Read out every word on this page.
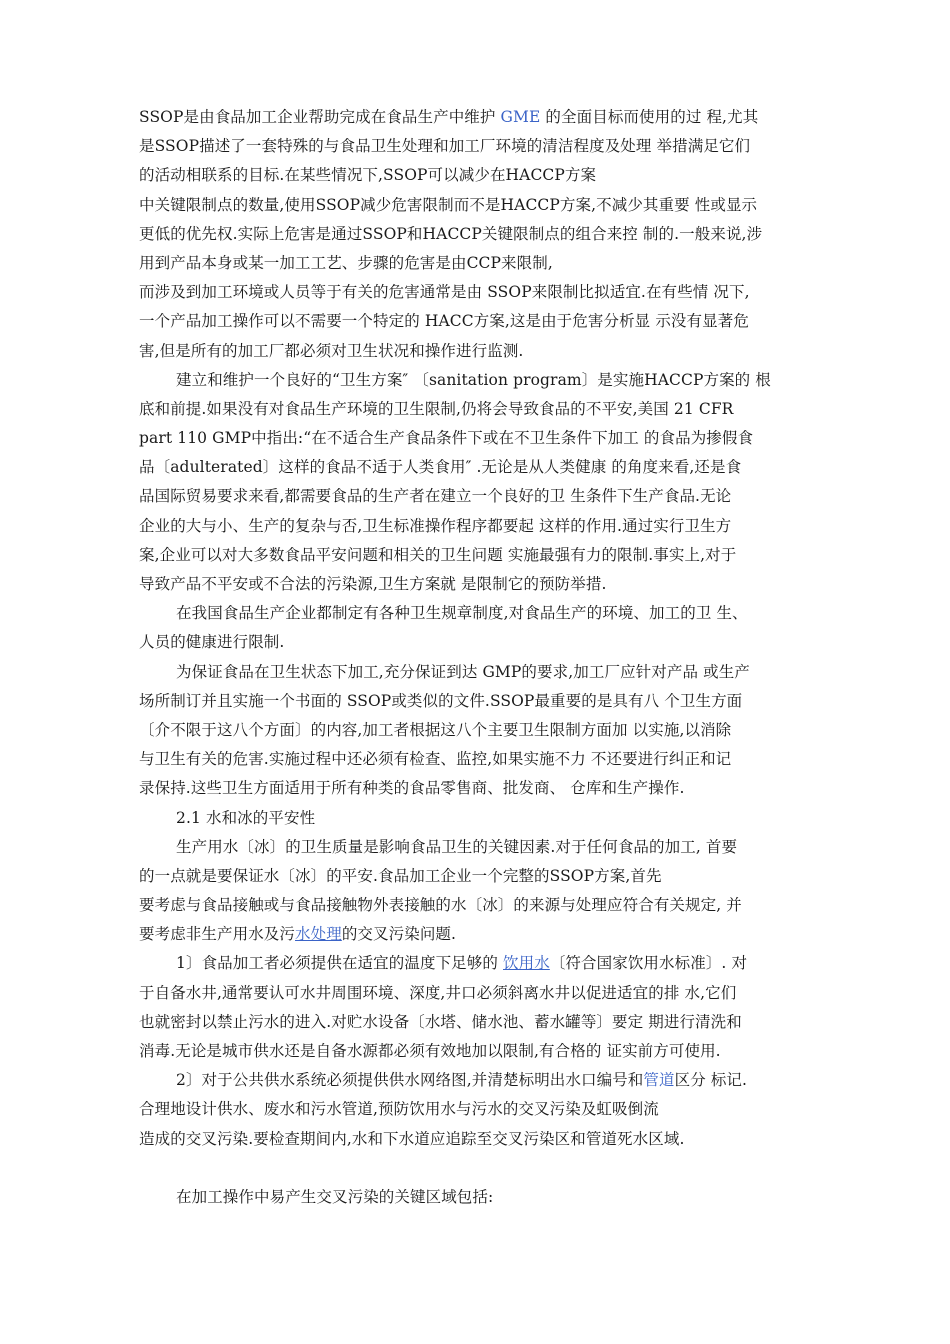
SSOP是由食品加工企业帮助完成在食品生产中维护 GME 的全面目标而使用的过 程,尤其
是SSOP描述了一套特殊的与食品卫生处理和加工厂环境的清洁程度及处理 举措满足它们
的活动相联系的目标.在某些情况下,SSOP可以减少在HACCP方案
中关键限制点的数量,使用SSOP减少危害限制而不是HACCP方案,不减少其重要 性或显示
更低的优先权.实际上危害是通过SSOP和HACCP关键限制点的组合来控 制的.一般来说,涉
用到产品本身或某一加工工艺、步骤的危害是由CCP来限制,
而涉及到加工环境或人员等于有关的危害通常是由 SSOP来限制比拟适宜.在有些情 况下,
一个产品加工操作可以不需要一个特定的 HACC方案,这是由于危害分析显 示没有显著危
害,但是所有的加工厂都必须对卫生状况和操作进行监测.
建立和维护一个良好的“卫生方案″ 〔sanitation program〕是实施HACCP方案的 根
底和前提.如果没有对食品生产环境的卫生限制,仍将会导致食品的不平安,美国 21 CFR
part 110 GMP中指出:“在不适合生产食品条件下或在不卫生条件下加工 的食品为掺假食
品〔adulterated〕这样的食品不适于人类食用″ .无论是从人类健康 的角度来看,还是食
品国际贸易要求来看,都需要食品的生产者在建立一个良好的卫 生条件下生产食品.无论
企业的大与小、生产的复杂与否,卫生标准操作程序都要起 这样的作用.通过实行卫生方
案,企业可以对大多数食品平安问题和相关的卫生问题 实施最强有力的限制.事实上,对于
导致产品不平安或不合法的污染源,卫生方案就 是限制它的预防举措.
在我国食品生产企业都制定有各种卫生规章制度,对食品生产的环境、加工的卫 生、
人员的健康进行限制.
为保证食品在卫生状态下加工,充分保证到达 GMP的要求,加工厂应针对产品 或生产
场所制订并且实施一个书面的 SSOP或类似的文件.SSOP最重要的是具有八 个卫生方面
〔介不限于这八个方面〕的内容,加工者根据这八个主要卫生限制方面加 以实施,以消除
与卫生有关的危害.实施过程中还必须有检查、监控,如果实施不力 不还要进行纠正和记
录保持.这些卫生方面适用于所有种类的食品零售商、批发商、 仓库和生产操作.
2.1 水和冰的平安性
生产用水〔冰〕的卫生质量是影响食品卫生的关键因素.对于任何食品的加工, 首要
的一点就是要保证水〔冰〕的平安.食品加工企业一个完整的SSOP方案,首先
要考虑与食品接触或与食品接触物外表接触的水〔冰〕的来源与处理应符合有关规定, 并
要考虑非生产用水及污水处理的交叉污染问题.
1〕食品加工者必须提供在适宜的温度下足够的 饮用水〔符合国家饮用水标准〕. 对
于自备水井,通常要认可水井周围环境、深度,井口必须斜离水井以促进适宜的排 水,它们
也就密封以禁止污水的进入.对贮水设备〔水塔、储水池、蓄水罐等〕要定 期进行清洗和
消毒.无论是城市供水还是自备水源都必须有效地加以限制,有合格的 证实前方可使用.
2〕对于公共供水系统必须提供供水网络图,并清楚标明出水口编号和管道区分 标记.
合理地设计供水、废水和污水管道,预防饮用水与污水的交叉污染及虹吸倒流
造成的交叉污染.要检查期间内,水和下水道应追踪至交叉污染区和管道死水区域.
在加工操作中易产生交叉污染的关键区域包括:
